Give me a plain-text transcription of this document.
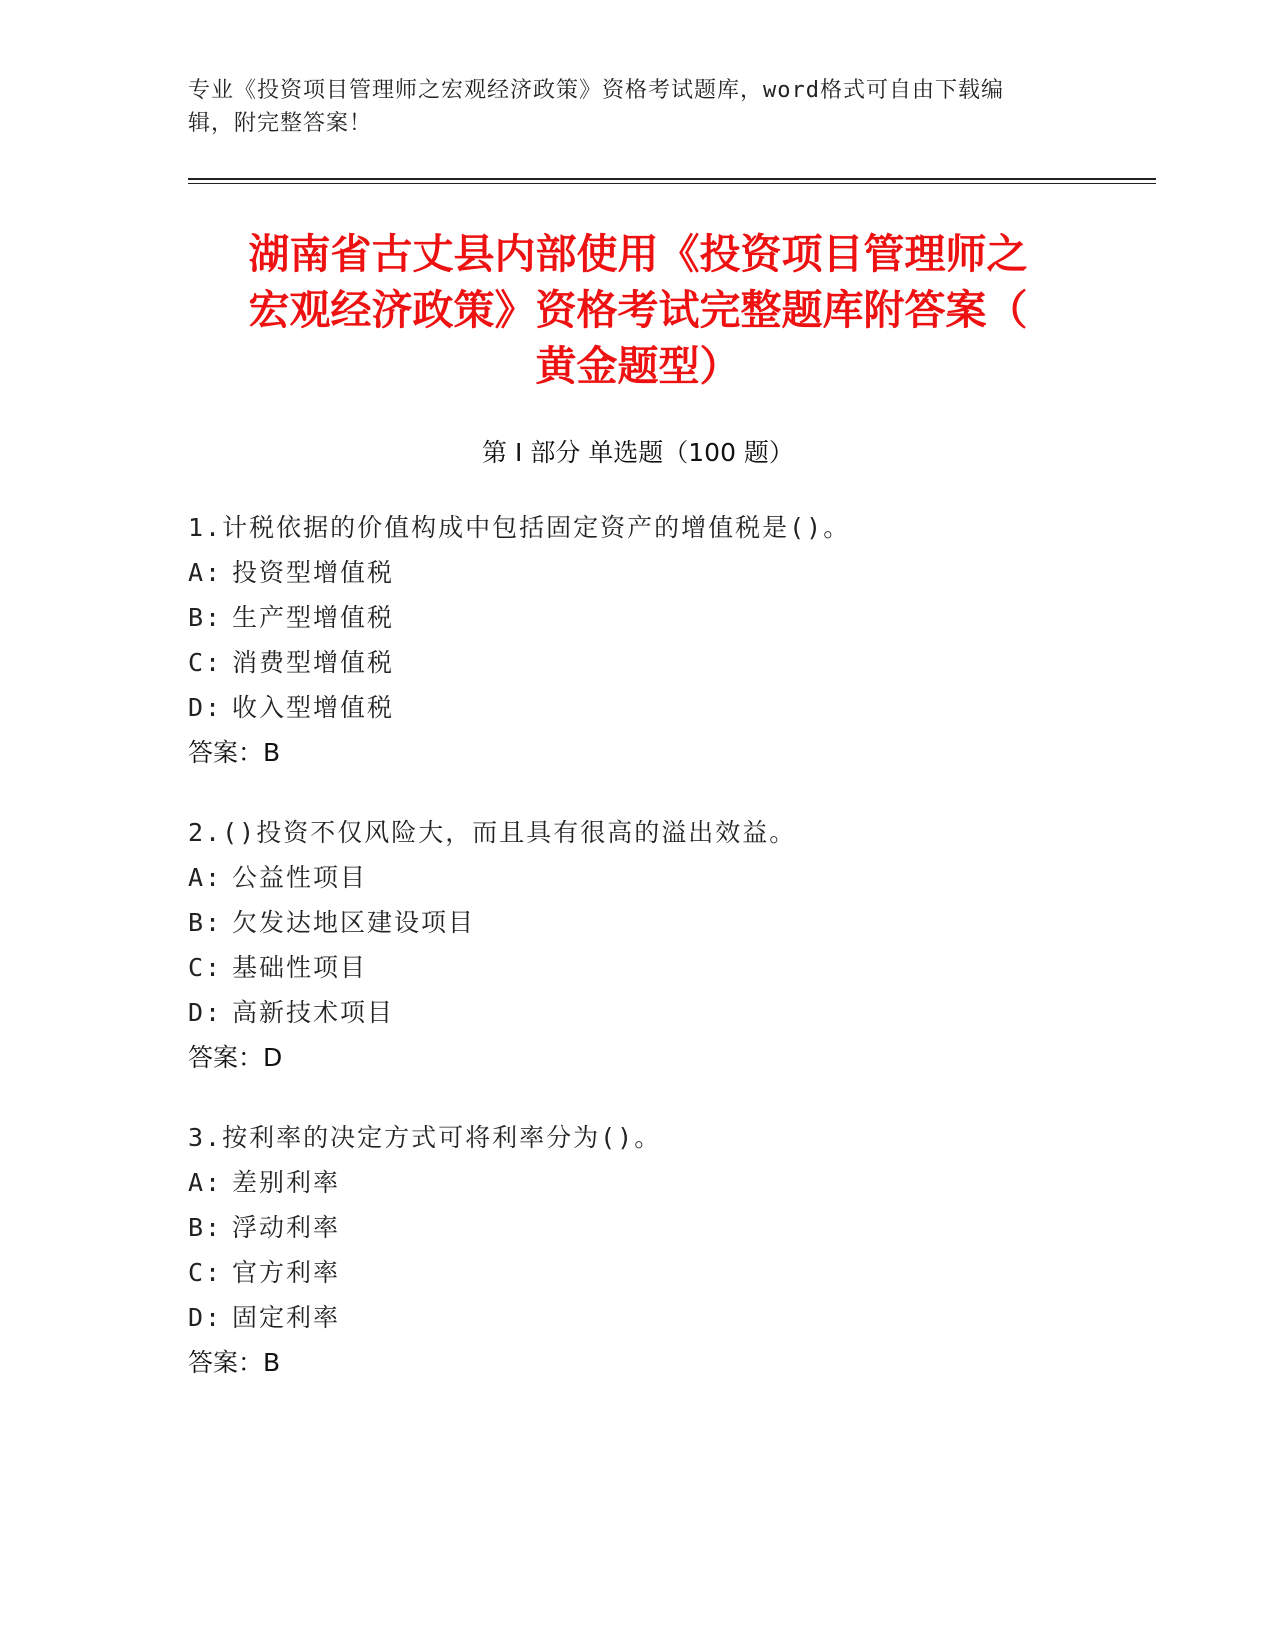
专业《投资项目管理师之宏观经济政策》资格考试题库，word格式可自由下载编
辑，附完整答案！
湖南省古丈县内部使用《投资项目管理师之
宏观经济政策》资格考试完整题库附答案（
黄金题型）
第 I 部分 单选题（100 题）
1.计税依据的价值构成中包括固定资产的增值税是()。
A: 投资型增值税
B: 生产型增值税
C: 消费型增值税
D: 收入型增值税
答案：B
2.()投资不仅风险大，而且具有很高的溢出效益。
A: 公益性项目
B: 欠发达地区建设项目
C: 基础性项目
D: 高新技术项目
答案：D
3.按利率的决定方式可将利率分为()。
A: 差别利率
B: 浮动利率
C: 官方利率
D: 固定利率
答案：B
